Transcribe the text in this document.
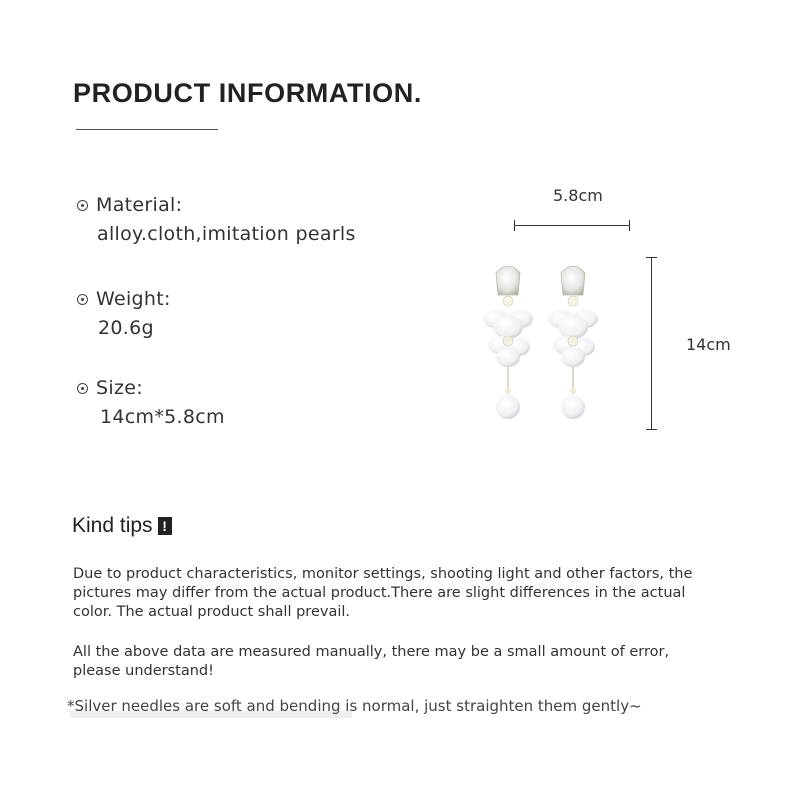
PRODUCT INFORMATION.
Material:
alloy.cloth,imitation pearls
Weight:
20.6g
Size:
14cm*5.8cm
5.8cm
14cm
Kind tips !

Due to product characteristics, monitor settings, shooting light and other factors, the pictures may differ from the actual product.There are slight differences in the actual color. The actual product shall prevail.

All the above data are measured manually, there may be a small amount of error, please understand!

*Silver needles are soft and bending is normal, just straighten them gently~
